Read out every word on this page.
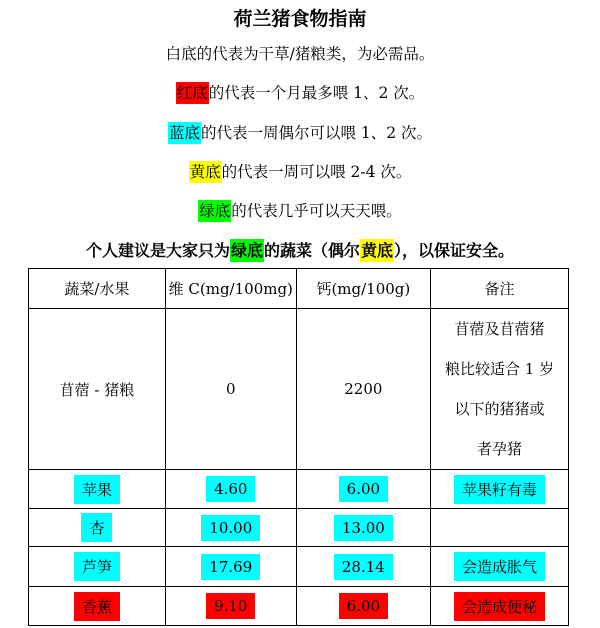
荷兰猪食物指南
白底的代表为干草/猪粮类，为必需品。
红底的代表一个月最多喂 1、2 次。
蓝底的代表一周偶尔可以喂 1、2 次。
黄底的代表一周可以喂 2-4 次。
绿底的代表几乎可以天天喂。
个人建议是大家只为绿底的蔬菜（偶尔黄底），以保证安全。
蔬菜/水果	维 C(mg/100mg)	钙(mg/100g)	备注
苜蓿 - 猪粮	0	2200	苜蓿及苜蓿猪
粮比较适合 1 岁
以下的猪猪或
者孕猪
苹果	4.60	6.00	苹果籽有毒
杏	10.00	13.00	
芦笋	17.69	28.14	会造成胀气
香蕉	9.10	6.00	会造成便秘
